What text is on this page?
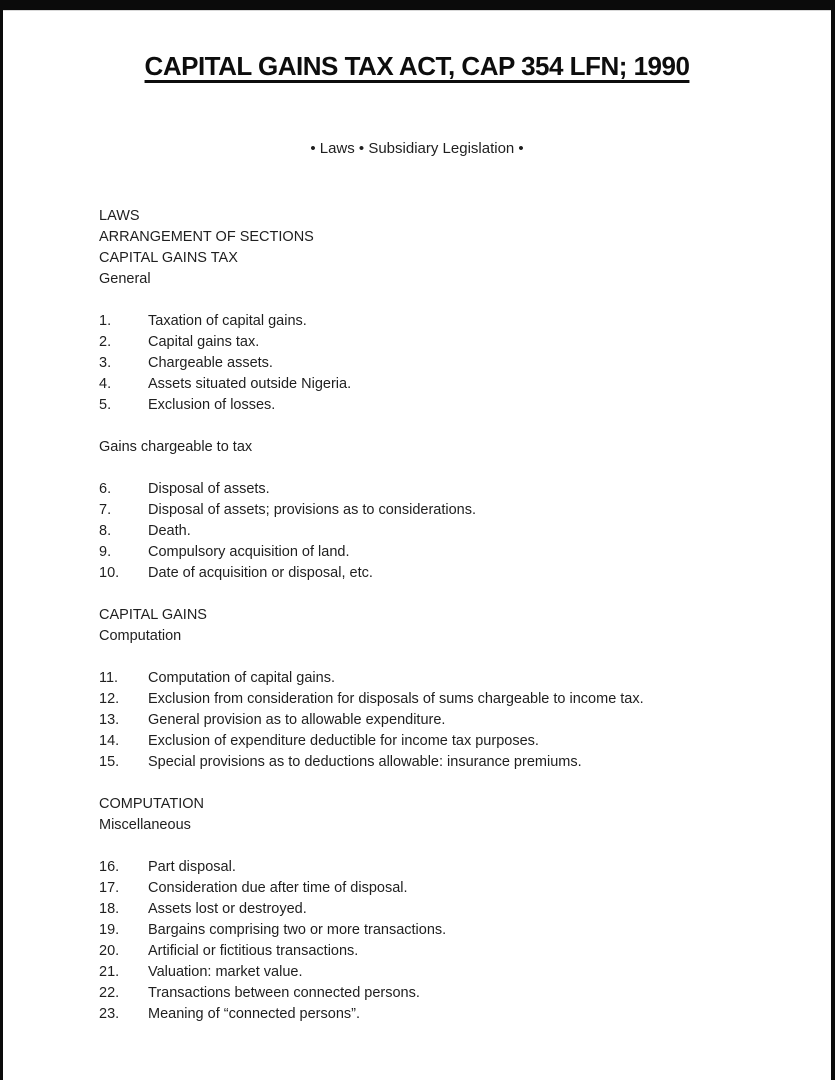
CAPITAL GAINS TAX ACT, CAP 354 LFN; 1990
• Laws • Subsidiary Legislation •
LAWS
ARRANGEMENT OF SECTIONS
CAPITAL GAINS TAX
General
1.	Taxation of capital gains.
2.	Capital gains tax.
3.	Chargeable assets.
4.	Assets situated outside Nigeria.
5.	Exclusion of losses.
Gains chargeable to tax
6.	Disposal of assets.
7.	Disposal of assets; provisions as to considerations.
8.	Death.
9.	Compulsory acquisition of land.
10.	Date of acquisition or disposal, etc.
CAPITAL GAINS
Computation
11.	Computation of capital gains.
12.	Exclusion from consideration for disposals of sums chargeable to income tax.
13.	General provision as to allowable expenditure.
14.	Exclusion of expenditure deductible for income tax purposes.
15.	Special provisions as to deductions allowable: insurance premiums.
COMPUTATION
Miscellaneous
16.	Part disposal.
17.	Consideration due after time of disposal.
18.	Assets lost or destroyed.
19.	Bargains comprising two or more transactions.
20.	Artificial or fictitious transactions.
21.	Valuation: market value.
22.	Transactions between connected persons.
23.	Meaning of “connected persons”.
